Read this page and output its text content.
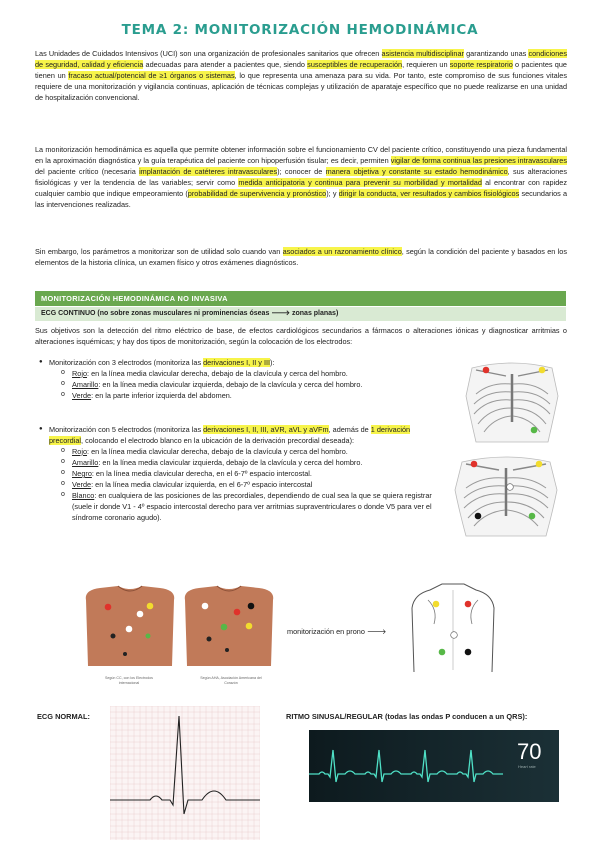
TEMA 2: MONITORIZACIÓN HEMODINÁMICA

Las Unidades de Cuidados Intensivos (UCI) son una organización de profesionales sanitarios que ofrecen asistencia multidisciplinar garantizando unas condiciones de seguridad, calidad y eficiencia adecuadas para atender a pacientes que, siendo susceptibles de recuperación, requieren un soporte respiratorio o pacientes que tienen un fracaso actual/potencial de ≥1 órganos o sistemas, lo que representa una amenaza para su vida. Por tanto, este compromiso de sus funciones vitales requiere de una monitorización y vigilancia continuas, aplicación de técnicas complejas y utilización de aparataje específico que no puede realizarse en una unidad de hospitalización convencional.

La monitorización hemodinámica es aquella que permite obtener información sobre el funcionamiento CV del paciente crítico, constituyendo una pieza fundamental en la aproximación diagnóstica y la guía terapéutica del paciente con hipoperfusión tisular; es decir, permiten vigilar de forma continua las presiones intravasculares del paciente crítico (necesaria implantación de catéteres intravasculares); conocer de manera objetiva y constante su estado hemodinámico, sus alteraciones fisiológicas y ver la tendencia de las variables; servir como medida anticipatoria y continua para prevenir su morbilidad y mortalidad al encontrar con rapidez cualquier cambio que indique empeoramiento (probabilidad de supervivencia y pronóstico); y dirigir la conducta, ver resultados y cambios fisiológicos secundarios a las intervenciones realizadas.

Sin embargo, los parámetros a monitorizar son de utilidad solo cuando van asociados a un razonamiento clínico, según la condición del paciente y basados en los elementos de la historia clínica, un examen físico y otros exámenes diagnósticos.

MONITORIZACIÓN HEMODINÁMICA NO INVASIVA
ECG CONTINUO (no sobre zonas musculares ni prominencias óseas 🡒 zonas planas)

Sus objetivos son la detección del ritmo eléctrico de base, de efectos cardiológicos secundarios a fármacos o alteraciones iónicas y diagnosticar arritmias o alteraciones isquémicas; y hay dos tipos de monitorización, según la colocación de los electrodos:

● Monitorización con 3 electrodos (monitoriza las derivaciones I, II y III):
o Rojo: en la línea media clavicular derecha, debajo de la clavícula y cerca del hombro.
o Amarillo: en la línea media clavicular izquierda, debajo de la clavícula y cerca del hombro.
o Verde: en la parte inferior izquierda del abdomen.
● Monitorización con 5 electrodos (monitoriza las derivaciones I, II, III, aVR, aVL y aVFm, además de 1 derivación precordial, colocando el electrodo blanco en la ubicación de la derivación precordial deseada):
o Rojo: en la línea media clavicular derecha, debajo de la clavícula y cerca del hombro.
o Amarillo: en la línea media clavicular izquierda, debajo de la clavícula y cerca del hombro.
o Negro: en la línea media clavicular derecha, en el 6-7º espacio intercostal.
o Verde: en la línea media clavicular izquierda, en el 6-7º espacio intercostal
o Blanco: en cualquiera de las posiciones de las precordiales, dependiendo de cual sea la que se quiera registrar (suele ir donde V1 - 4º espacio intercostal derecho para ver arritmias supraventriculares o donde V5 para ver el síndrome coronario agudo).
Según CC, con los Electrodos internacional
Según AHA, Asociación Americana del Corazón
monitorización en prono 🡒
ECG NORMAL:	RITMO SINUSAL/REGULAR (todas las ondas P conducen a un QRS):
70
Heart rate
